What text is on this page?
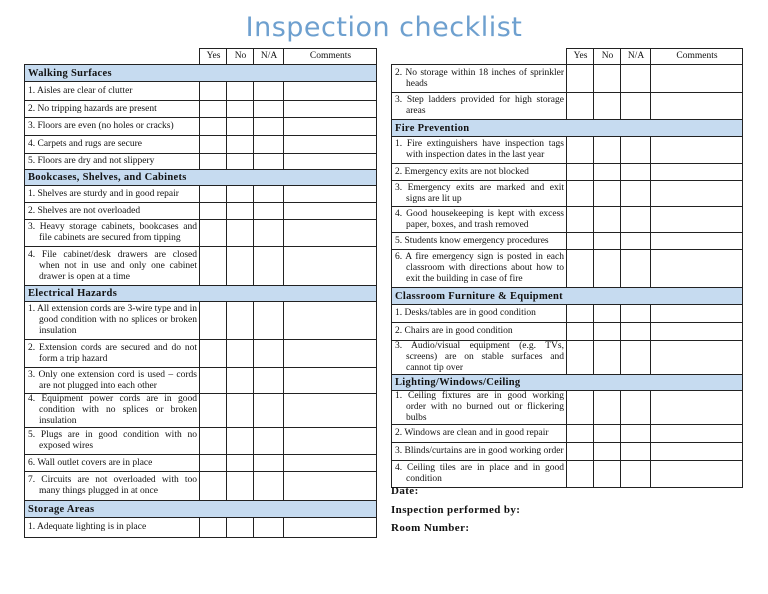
Inspection checklist
	Yes	No	N/A	Comments
Walking Surfaces				
1. Aisles are clear of clutter				
2. No tripping hazards are present				
3. Floors are even (no holes or cracks)				
4. Carpets and rugs are secure				
5. Floors are dry and not slippery				
Bookcases, Shelves, and Cabinets				
1. Shelves are sturdy and in good repair				
2. Shelves are not overloaded				
3. Heavy storage cabinets, bookcases and file cabinets are secured from tipping				
4. File cabinet/desk drawers are closed when not in use and only one cabinet drawer is open at a time				
Electrical Hazards				
1. All extension cords are 3-wire type and in good condition with no splices or broken insulation				
2. Extension cords are secured and do not form a trip hazard				
3. Only one extension cord is used – cords are not plugged into each other				
4. Equipment power cords are in good condition with no splices or broken insulation				
5. Plugs are in good condition with no exposed wires				
6. Wall outlet covers are in place				
7. Circuits are not overloaded with too many things plugged in at once				
Storage Areas				
1. Adequate lighting is in place				
	Yes	No	N/A	Comments
2. No storage within 18 inches of sprinkler heads				
3. Step ladders provided for high storage areas				
Fire Prevention				
1. Fire extinguishers have inspection tags with inspection dates in the last year				
2. Emergency exits are not blocked				
3. Emergency exits are marked and exit signs are lit up				
4. Good housekeeping is kept with excess paper, boxes, and trash removed				
5. Students know emergency procedures				
6. A fire emergency sign is posted in each classroom with directions about how to exit the building in case of fire				
Classroom Furniture & Equipment				
1. Desks/tables are in good condition				
2. Chairs are in good condition				
3. Audio/visual equipment (e.g. TVs, screens) are on stable surfaces and cannot tip over				
Lighting/Windows/Ceiling				
1. Ceiling fixtures are in good working order with no burned out or flickering bulbs				
2. Windows are clean and in good repair				
3. Blinds/curtains are in good working order				
4. Ceiling tiles are in place and in good condition				
Date:
Inspection performed by:
Room Number:
